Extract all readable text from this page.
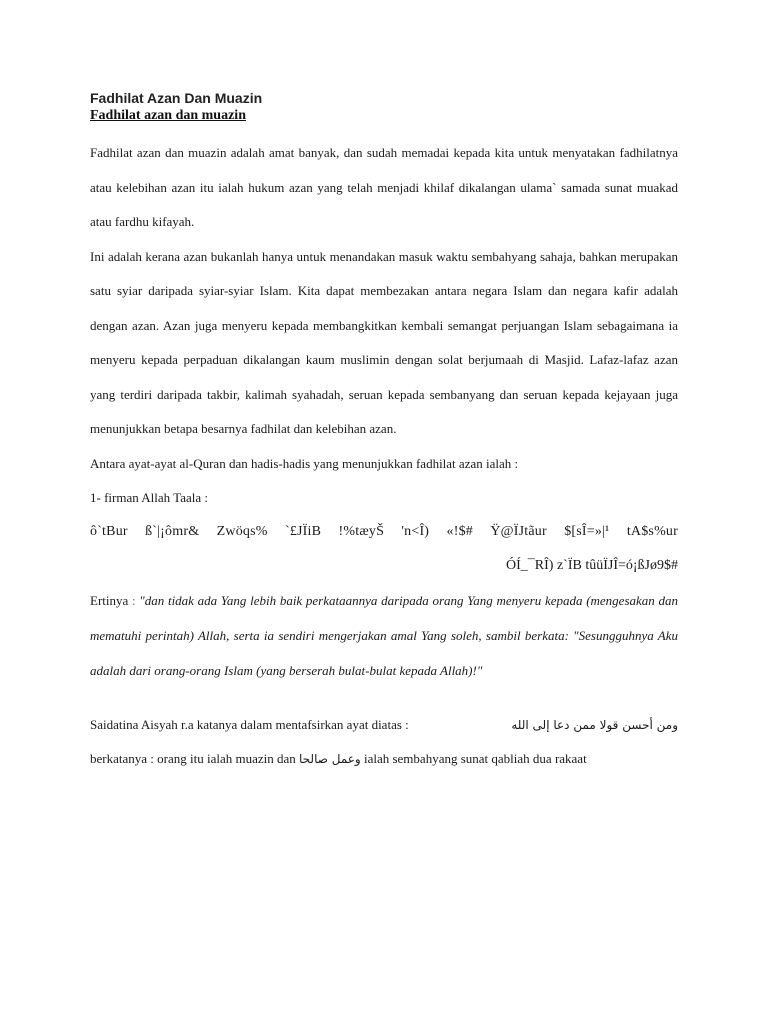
Fadhilat Azan Dan Muazin
Fadhilat azan dan muazin

Fadhilat azan dan muazin adalah amat banyak, dan sudah memadai kepada kita untuk menyatakan fadhilatnya atau kelebihan azan itu ialah hukum azan yang telah menjadi khilaf dikalangan ulama` samada sunat muakad atau fardhu kifayah.

Ini adalah kerana azan bukanlah hanya untuk menandakan masuk waktu sembahyang sahaja, bahkan merupakan satu syiar daripada syiar-syiar Islam. Kita dapat membezakan antara negara Islam dan negara kafir adalah dengan azan. Azan juga menyeru kepada membangkitkan kembali semangat perjuangan Islam sebagaimana ia menyeru kepada perpaduan dikalangan kaum muslimin dengan solat berjumaah di Masjid. Lafaz-lafaz azan yang terdiri daripada takbir, kalimah syahadah, seruan kepada sembanyang dan seruan kepada kejayaan juga menunjukkan betapa besarnya fadhilat dan kelebihan azan.

Antara ayat-ayat al-Quran dan hadis-hadis yang menunjukkan fadhilat azan ialah :

1- firman Allah Taala :

ô`tBur ß`|¡ômr& Zwöqs% `£JÏiB !%tæyŠ 'n<Î) «!$# Ÿ@ÏJtãur $[sÎ=»|¹ tA$s%ur

ÓÍ_¯RÎ) z`ÏB tûüÏJÎ=ó¡ßJø9$#

Ertinya : "dan tidak ada Yang lebih baik perkataannya daripada orang Yang menyeru kepada (mengesakan dan mematuhi perintah) Allah, serta ia sendiri mengerjakan amal Yang soleh, sambil berkata: "Sesungguhnya Aku adalah dari orang-orang Islam (yang berserah bulat-bulat kepada Allah)!"

Saidatina Aisyah r.a katanya dalam mentafsirkan ayat diatas :	ومن أحسن قولا ممن دعا إلى الله

berkatanya : orang itu ialah muazin dan وعمل صالحا ialah sembahyang sunat qabliah dua rakaat
